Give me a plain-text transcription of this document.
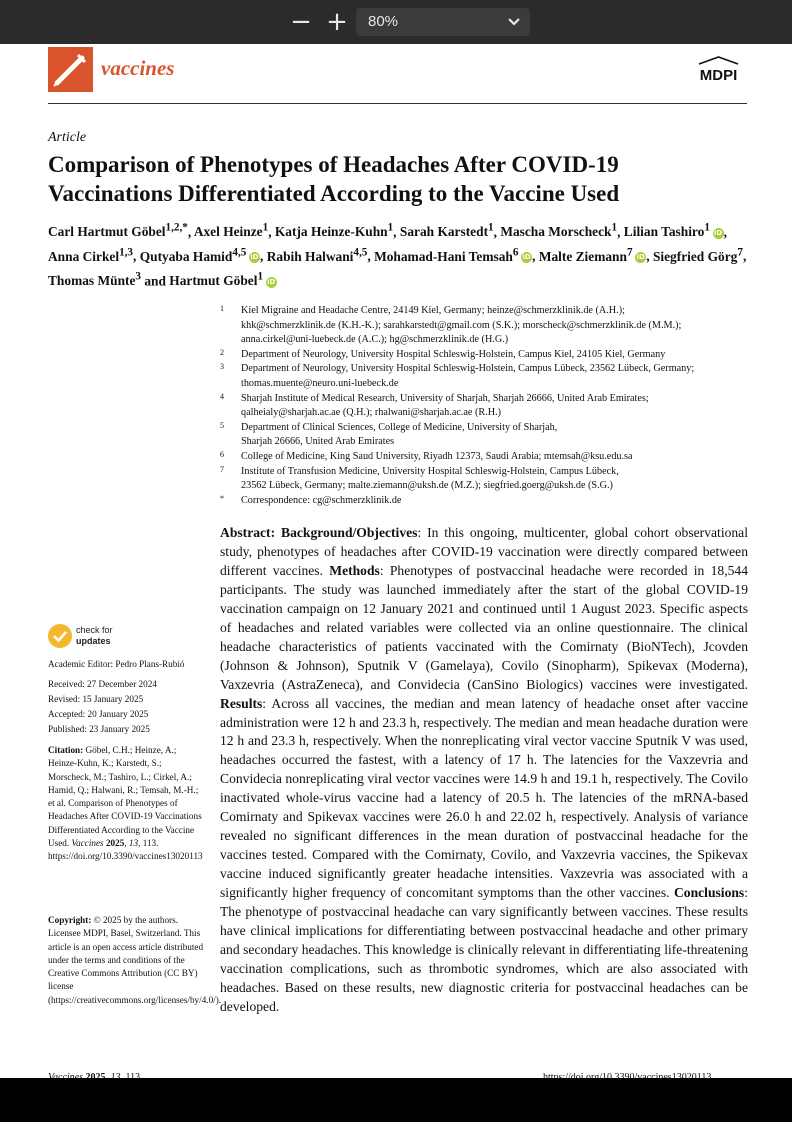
− + 80%
vaccines	MDPI
Article
Comparison of Phenotypes of Headaches After COVID-19 Vaccinations Differentiated According to the Vaccine Used
Carl Hartmut Göbel$^{1,2,*}$, Axel Heinze$^1$, Katja Heinze-Kuhn$^1$, Sarah Karstedt$^1$, Mascha Morscheck$^1$, Lilian Tashiro$^1$  iD, Anna Cirkel$^{1,3}$, Qutyaba Hamid$^{4,5}$  iD, Rabih Halwani$^{4,5}$, Mohamad-Hani Temsah$^6$  iD, Malte Ziemann$^7$  iD, Siegfried Görg$^7$, Thomas Münte$^3$ and Hartmut Göbel$^1$  iD
1 Kiel Migraine and Headache Centre, 24149 Kiel, Germany; heinze@schmerzklinik.de (A.H.);
khk@schmerzklinik.de (K.H.-K.); sarahkarstedt@gmail.com (S.K.); morscheck@schmerzklinik.de (M.M.);
anna.cirkel@uni-luebeck.de (A.C.); hg@schmerzklinik.de (H.G.)
2 Department of Neurology, University Hospital Schleswig-Holstein, Campus Kiel, 24105 Kiel, Germany
3 Department of Neurology, University Hospital Schleswig-Holstein, Campus Lübeck, 23562 Lübeck, Germany;
thomas.muente@neuro.uni-luebeck.de
4 Sharjah Institute of Medical Research, University of Sharjah, Sharjah 26666, United Arab Emirates;
qalheialy@sharjah.ac.ae (Q.H.); rhalwani@sharjah.ac.ae (R.H.)
5 Department of Clinical Sciences, College of Medicine, University of Sharjah,
Sharjah 26666, United Arab Emirates
6 College of Medicine, King Saud University, Riyadh 12373, Saudi Arabia; mtemsah@ksu.edu.sa
7 Institute of Transfusion Medicine, University Hospital Schleswig-Holstein, Campus Lübeck,
23562 Lübeck, Germany; malte.ziemann@uksh.de (M.Z.); siegfried.goerg@uksh.de (S.G.)
* Correspondence: cg@schmerzklinik.de
check for
updates
Academic Editor: Pedro Plans-Rubió
Received: 27 December 2024
Revised: 15 January 2025
Accepted: 20 January 2025
Published: 23 January 2025
Citation: Göbel, C.H.; Heinze, A.; Heinze-Kuhn, K.; Karstedt, S.; Morscheck, M.; Tashiro, L.; Cirkel, A.; Hamid, Q.; Halwani, R.; Temsah, M.-H.; et al. Comparison of Phenotypes of Headaches After COVID-19 Vaccinations Differentiated According to the Vaccine Used. Vaccines 2025, 13, 113. https://doi.org/10.3390/vaccines13020113
Copyright: © 2025 by the authors. Licensee MDPI, Basel, Switzerland. This article is an open access article distributed under the terms and conditions of the Creative Commons Attribution (CC BY) license (https://creativecommons.org/licenses/by/4.0/).

Abstract: Background/Objectives: In this ongoing, multicenter, global cohort observational study, phenotypes of headaches after COVID-19 vaccination were directly compared between different vaccines. Methods: Phenotypes of postvaccinal headache were recorded in 18,544 participants. The study was launched immediately after the start of the global COVID-19 vaccination campaign on 12 January 2021 and continued until 1 August 2023. Specific aspects of headaches and related variables were collected via an online questionnaire. The clinical headache characteristics of patients vaccinated with the Comirnaty (BioNTech), Jcovden (Johnson & Johnson), Sputnik V (Gamelaya), Covilo (Sinopharm), Spikevax (Moderna), Vaxzevria (AstraZeneca), and Convidecia (CanSino Biologics) vaccines were investigated. Results: Across all vaccines, the median and mean latency of headache onset after vaccine administration were 12 h and 23.3 h, respectively. The median and mean headache duration were 12 h and 23.3 h, respectively. When the nonreplicating viral vector vaccine Sputnik V was used, headaches occurred the fastest, with a latency of 17 h. The latencies for the Vaxzevria and Convidecia nonreplicating viral vector vaccines were 14.9 h and 19.1 h, respectively. The Covilo inactivated whole-virus vaccine had a latency of 20.5 h. The latencies of the mRNA-based Comirnaty and Spikevax vaccines were 26.0 h and 22.02 h, respectively. Analysis of variance revealed no significant differences in the mean duration of postvaccinal headache for the vaccines tested. Compared with the Comirnaty, Covilo, and Vaxzevria vaccines, the Spikevax vaccine induced significantly greater headache intensities. Vaxzevria was associated with a significantly higher frequency of concomitant symptoms than the other vaccines. Conclusions: The phenotype of postvaccinal headache can vary significantly between vaccines. These results have clinical implications for differentiating between postvaccinal headache and other primary and secondary headaches. This knowledge is clinically relevant in differentiating life-threatening vaccination complications, such as thrombotic syndromes, which are also associated with headaches. Based on these results, new diagnostic criteria for postvaccinal headaches can be developed.
